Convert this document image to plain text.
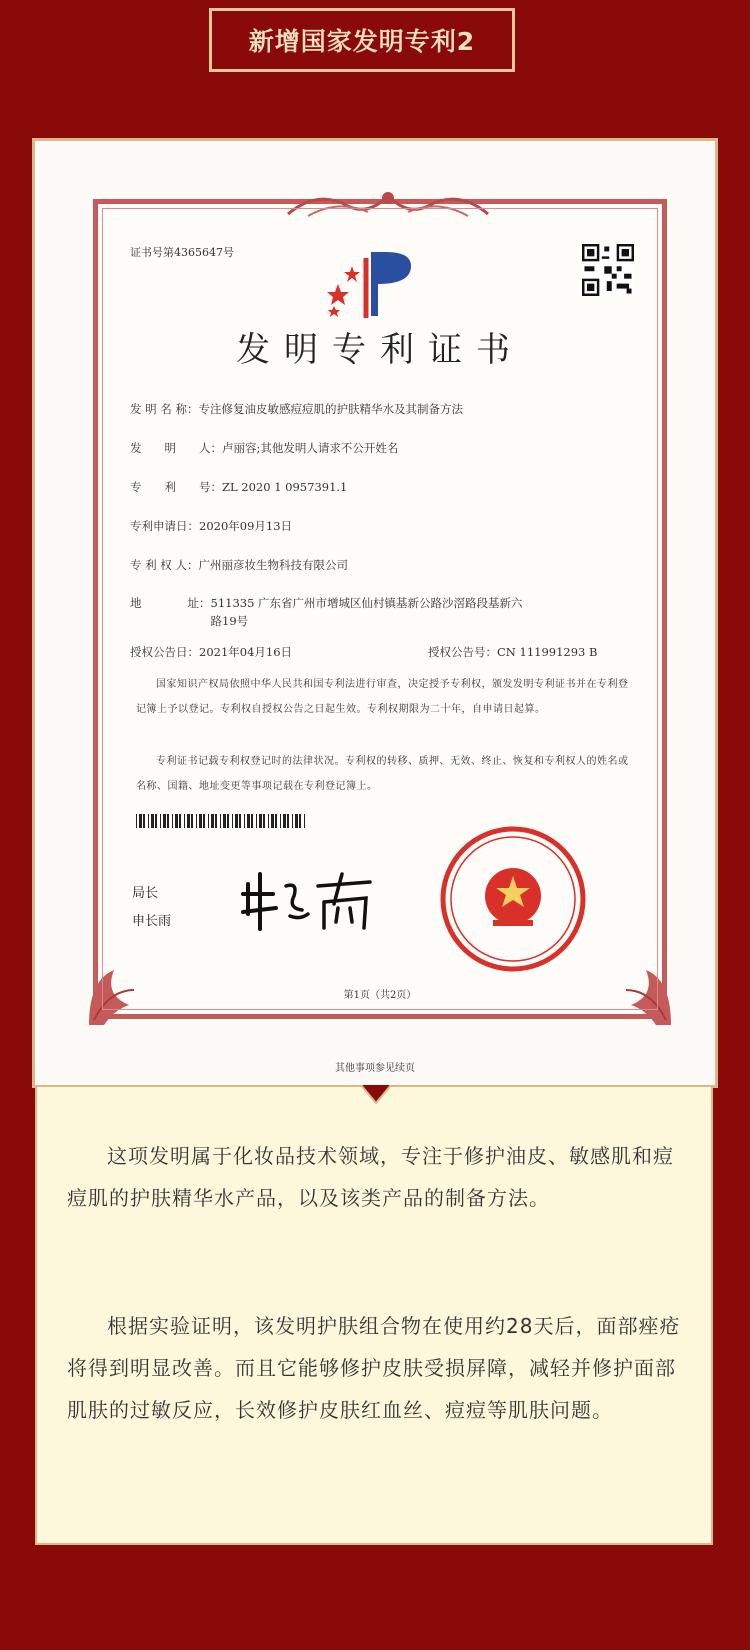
新增国家发明专利2
证书号第4365647号
发明专利证书
发 明 名 称：专注修复油皮敏感痘痘肌的护肤精华水及其制备方法
发　　明　　人：卢丽容;其他发明人请求不公开姓名
专　　利　　号：ZL 2020 1 0957391.1
专利申请日：2020年09月13日
专 利 权 人：广州丽彦妆生物科技有限公司
地　　　　址：511335 广东省广州市增城区仙村镇基新公路沙滘路段基新六路19号
授权公告日：2021年04月16日	授权公告号：CN 111991293 B
国家知识产权局依照中华人民共和国专利法进行审查，决定授予专利权，颁发发明专利证书并在专利登记簿上予以登记。专利权自授权公告之日起生效。专利权期限为二十年，自申请日起算。
专利证书记载专利权登记时的法律状况。专利权的转移、质押、无效、终止、恢复和专利权人的姓名或名称、国籍、地址变更等事项记载在专利登记簿上。
局长
申长雨
第1页（共2页）
其他事项参见续页
这项发明属于化妆品技术领域，专注于修护油皮、敏感肌和痘痘肌的护肤精华水产品，以及该类产品的制备方法。
根据实验证明，该发明护肤组合物在使用约28天后，面部痤疮将得到明显改善。而且它能够修护皮肤受损屏障，减轻并修护面部肌肤的过敏反应，长效修护皮肤红血丝、痘痘等肌肤问题。
